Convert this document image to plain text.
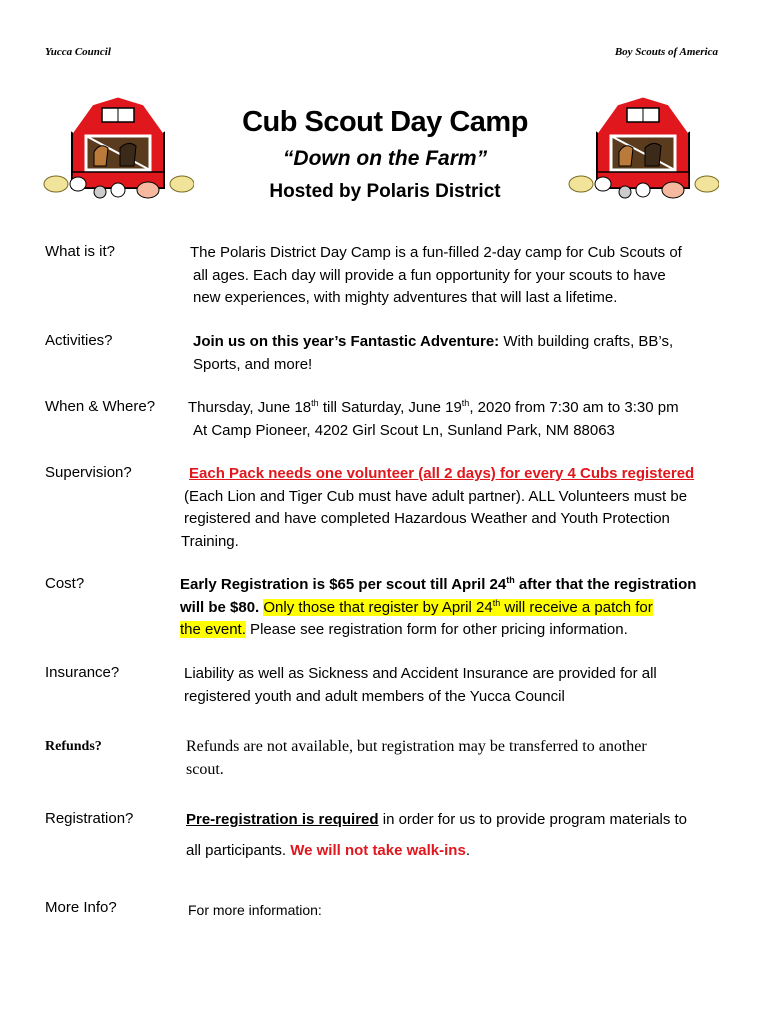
Yucca Council	Boy Scouts of America
Cub Scout Day Camp
“Down on the Farm”
Hosted by Polaris District
What is it?	The Polaris District Day Camp is a fun-filled 2-day camp for Cub Scouts of
all ages. Each day will provide a fun opportunity for your scouts to have
new experiences, with mighty adventures that will last a lifetime.
Activities?	Join us on this year’s Fantastic Adventure: With building crafts, BB’s,
Sports, and more!
When & Where? Thursday, June 18th till Saturday, June 19th, 2020 from 7:30 am to 3:30 pm
At Camp Pioneer, 4202 Girl Scout Ln, Sunland Park, NM 88063
Supervision?	Each Pack needs one volunteer (all 2 days) for every 4 Cubs registered
(Each Lion and Tiger Cub must have adult partner). ALL Volunteers must be
registered and have completed Hazardous Weather and Youth Protection
Training.
Cost?	Early Registration is $65 per scout till April 24th after that the registration
will be $80. Only those that register by April 24th will receive a patch for
the event. Please see registration form for other pricing information.
Insurance?	Liability as well as Sickness and Accident Insurance are provided for all
registered youth and adult members of the Yucca Council
Refunds?	Refunds are not available, but registration may be transferred to another
scout.
Registration?	Pre-registration is required in order for us to provide program materials to
all participants. We will not take walk-ins.
More Info?	For more information:
